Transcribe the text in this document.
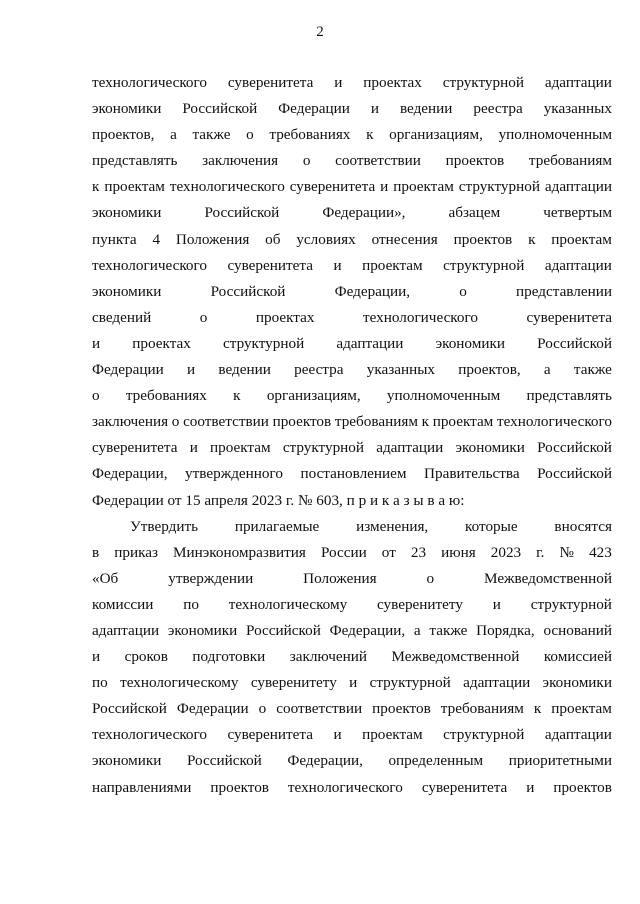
2
технологического суверенитета и проектах структурной адаптации
экономики Российской Федерации и ведении реестра указанных
проектов, а также о требованиях к организациям, уполномоченным
представлять заключения о соответствии проектов требованиям
к проектам технологического суверенитета и проектам структурной адаптации
экономики	Российской	Федерации»,	абзацем	четвертым
пункта 4 Положения об условиях отнесения проектов к проектам
технологического суверенитета и проектам структурной адаптации
экономики	Российской	Федерации,	о	представлении
сведений	о	проектах	технологического	суверенитета
и проектах структурной адаптации экономики Российской
Федерации и ведении реестра указанных проектов, а также
о требованиях к организациям, уполномоченным представлять
заключения о соответствии проектов требованиям к проектам технологического
суверенитета и проектам структурной адаптации экономики Российской
Федерации, утвержденного постановлением Правительства Российской
Федерации от 15 апреля 2023 г. № 603, п р и к а з ы в а ю:
Утвердить прилагаемые изменения, которые вносятся
в приказ Минэкономразвития России от 23 июня 2023 г. № 423
«Об	утверждении	Положения	о	Межведомственной
комиссии по технологическому суверенитету и структурной
адаптации экономики Российской Федерации, а также Порядка, оснований
и сроков подготовки заключений Межведомственной комиссией
по технологическому суверенитету и структурной адаптации экономики
Российской Федерации о соответствии проектов требованиям к проектам
технологического суверенитета и проектам структурной адаптации
экономики Российской Федерации, определенным приоритетными
направлениями проектов технологического суверенитета и проектов
